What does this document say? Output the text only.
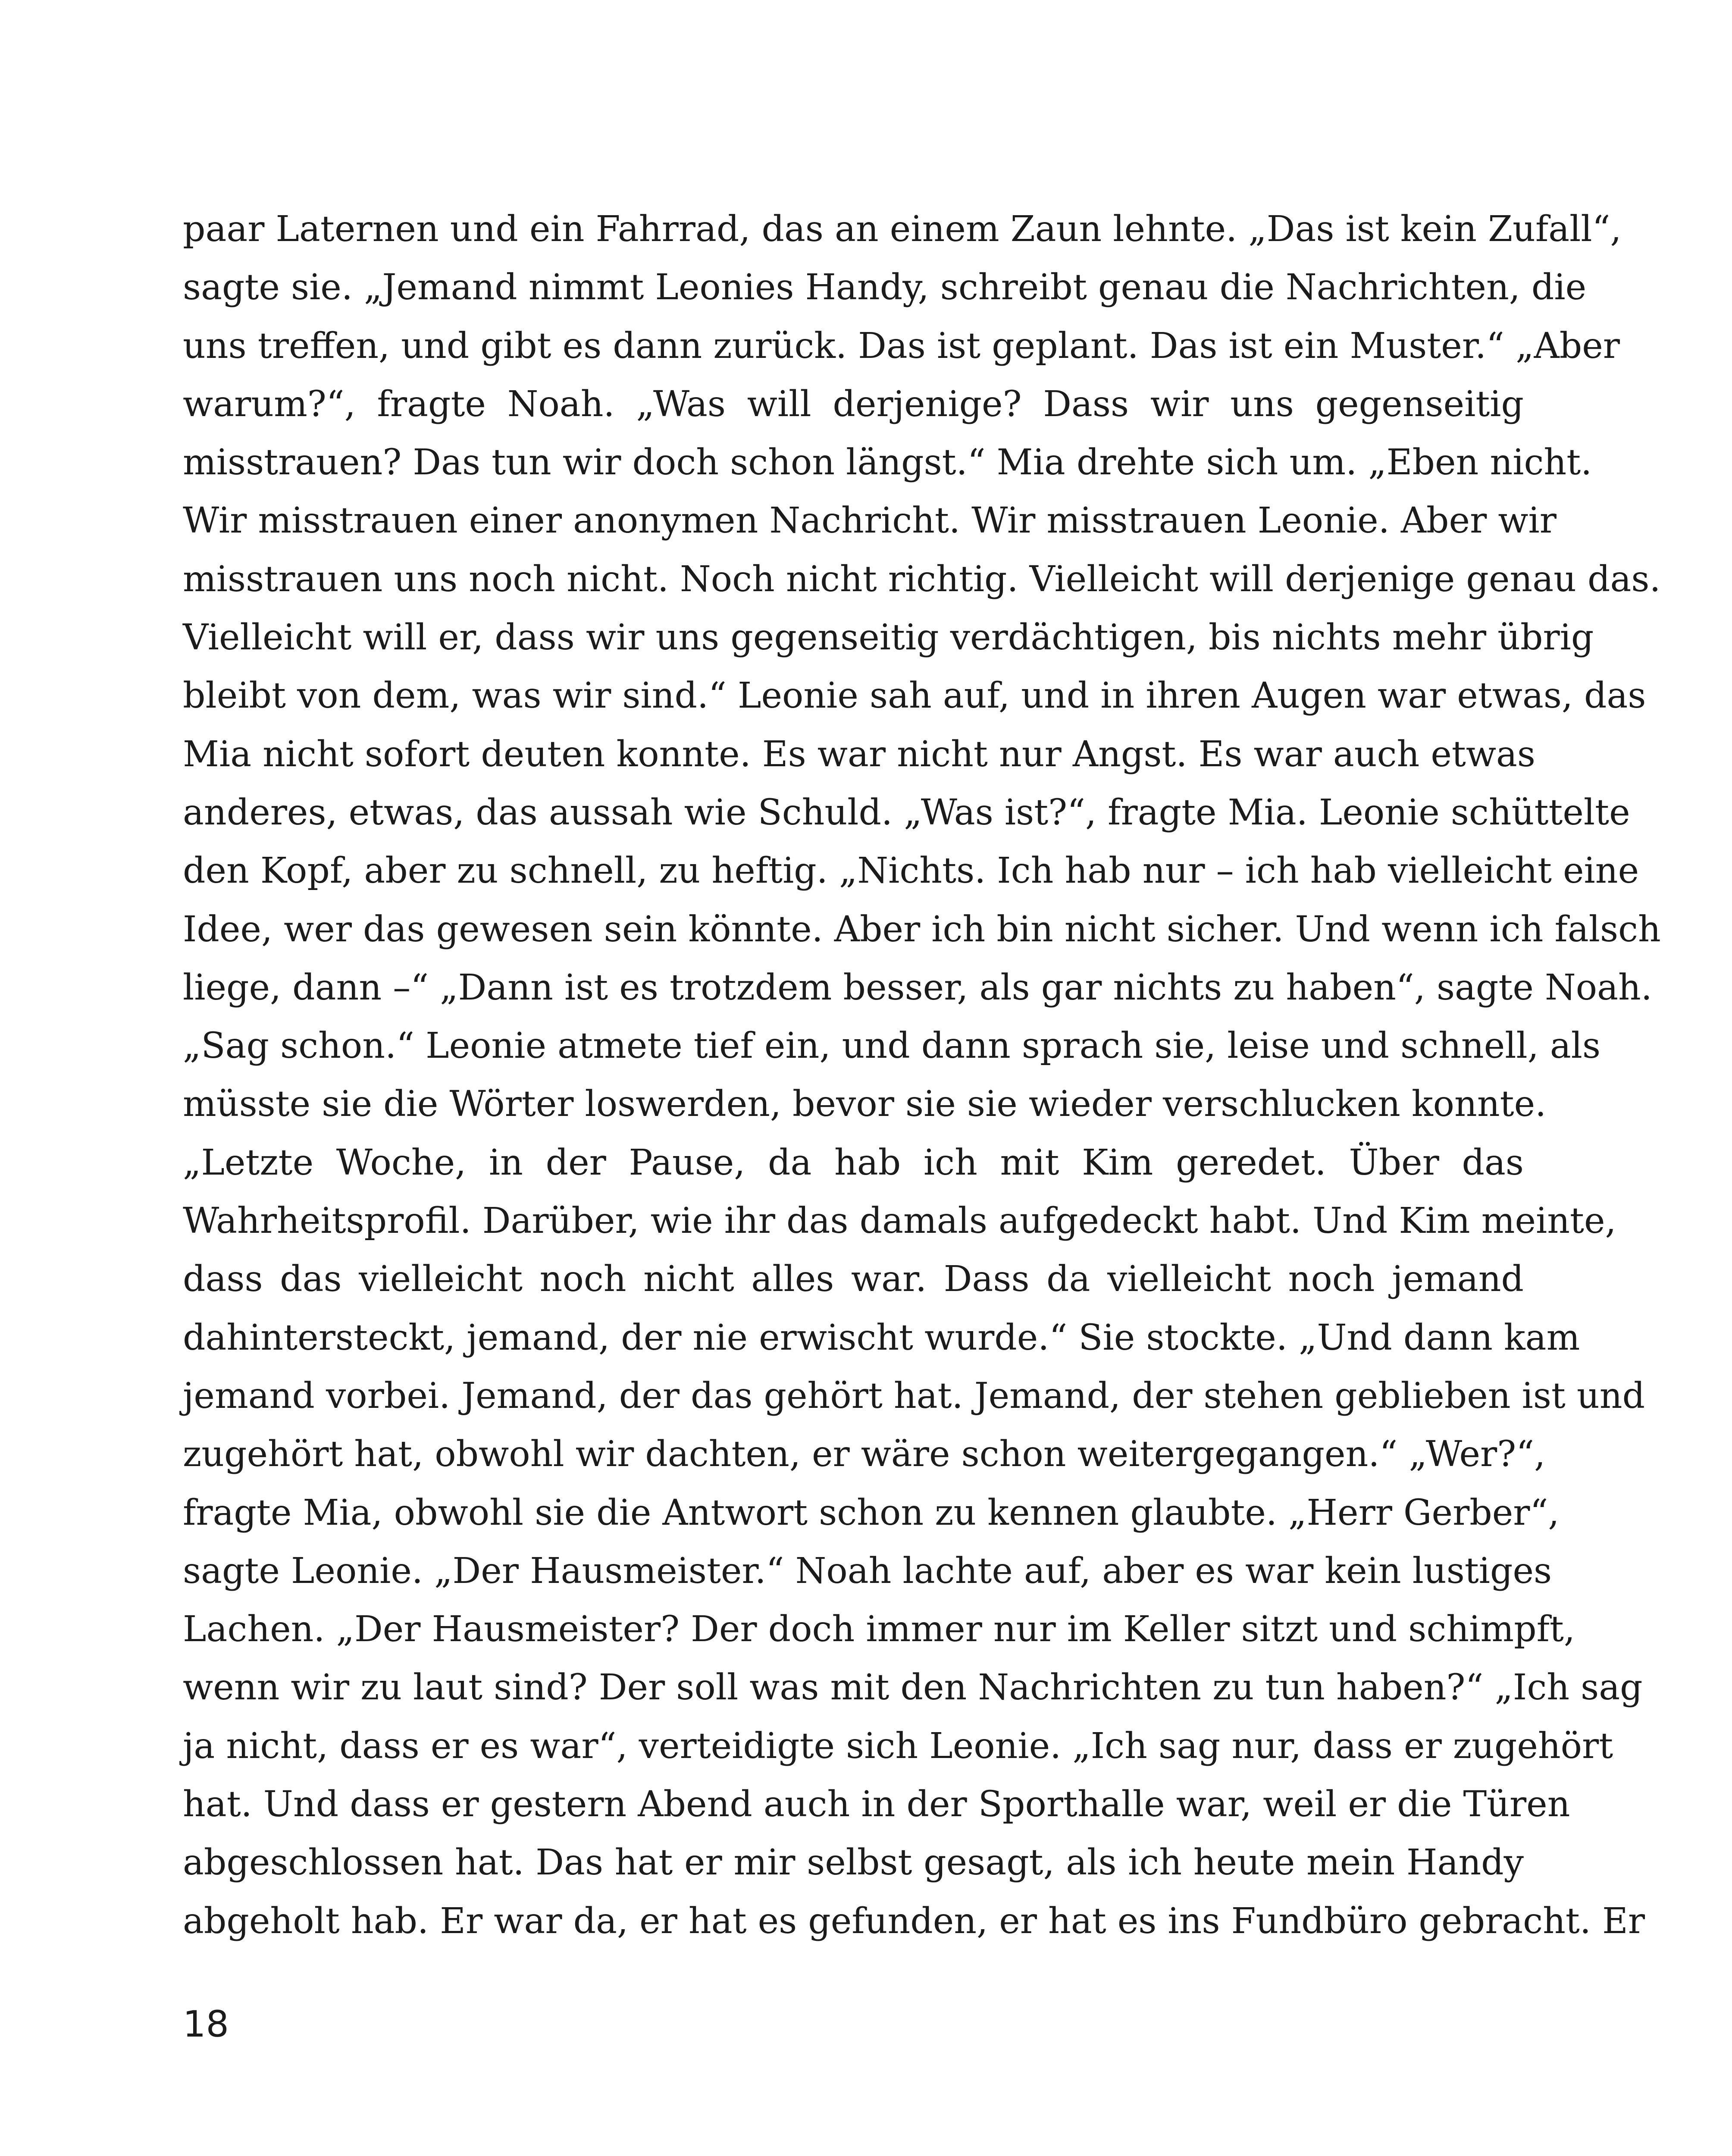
paar Laternen und ein Fahrrad, das an einem Zaun lehnte. „Das ist kein Zufall“,
sagte sie. „Jemand nimmt Leonies Handy, schreibt genau die Nachrichten, die
uns treffen, und gibt es dann zurück. Das ist geplant. Das ist ein Muster.“ „Aber
warum?“, fragte Noah. „Was will derjenige? Dass wir uns gegenseitig
misstrauen? Das tun wir doch schon längst.“ Mia drehte sich um. „Eben nicht.
Wir misstrauen einer anonymen Nachricht. Wir misstrauen Leonie. Aber wir
misstrauen uns noch nicht. Noch nicht richtig. Vielleicht will derjenige genau das.
Vielleicht will er, dass wir uns gegenseitig verdächtigen, bis nichts mehr übrig
bleibt von dem, was wir sind.“ Leonie sah auf, und in ihren Augen war etwas, das
Mia nicht sofort deuten konnte. Es war nicht nur Angst. Es war auch etwas
anderes, etwas, das aussah wie Schuld. „Was ist?“, fragte Mia. Leonie schüttelte
den Kopf, aber zu schnell, zu heftig. „Nichts. Ich hab nur – ich hab vielleicht eine
Idee, wer das gewesen sein könnte. Aber ich bin nicht sicher. Und wenn ich falsch
liege, dann –“ „Dann ist es trotzdem besser, als gar nichts zu haben“, sagte Noah.
„Sag schon.“ Leonie atmete tief ein, und dann sprach sie, leise und schnell, als
müsste sie die Wörter loswerden, bevor sie sie wieder verschlucken konnte.
„Letzte Woche, in der Pause, da hab ich mit Kim geredet. Über das
Wahrheitsprofil. Darüber, wie ihr das damals aufgedeckt habt. Und Kim meinte,
dass das vielleicht noch nicht alles war. Dass da vielleicht noch jemand
dahintersteckt, jemand, der nie erwischt wurde.“ Sie stockte. „Und dann kam
jemand vorbei. Jemand, der das gehört hat. Jemand, der stehen geblieben ist und
zugehört hat, obwohl wir dachten, er wäre schon weitergegangen.“ „Wer?“,
fragte Mia, obwohl sie die Antwort schon zu kennen glaubte. „Herr Gerber“,
sagte Leonie. „Der Hausmeister.“ Noah lachte auf, aber es war kein lustiges
Lachen. „Der Hausmeister? Der doch immer nur im Keller sitzt und schimpft,
wenn wir zu laut sind? Der soll was mit den Nachrichten zu tun haben?“ „Ich sag
ja nicht, dass er es war“, verteidigte sich Leonie. „Ich sag nur, dass er zugehört
hat. Und dass er gestern Abend auch in der Sporthalle war, weil er die Türen
abgeschlossen hat. Das hat er mir selbst gesagt, als ich heute mein Handy
abgeholt hab. Er war da, er hat es gefunden, er hat es ins Fundbüro gebracht. Er
18
